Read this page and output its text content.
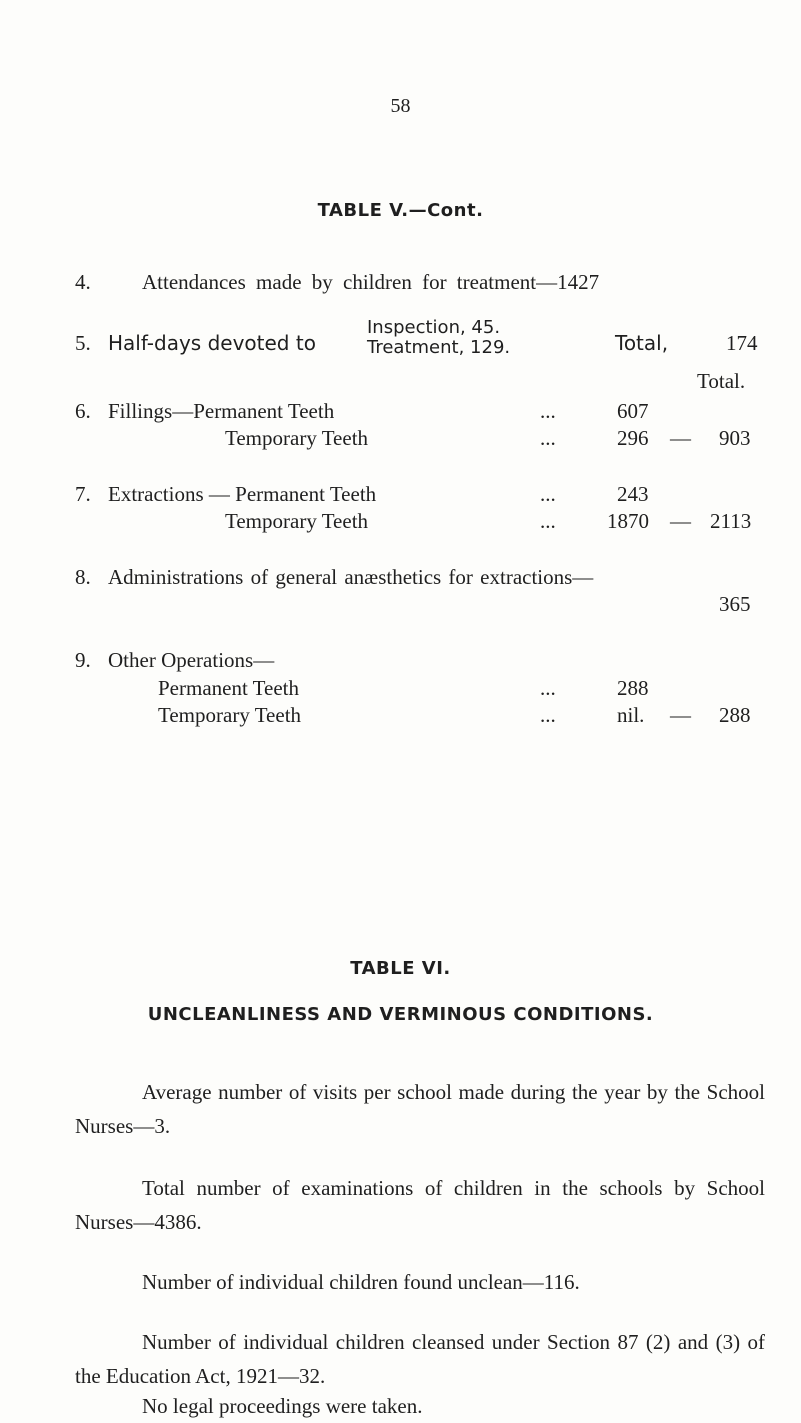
58
TABLE V.—Cont.
4. Attendances made by children for treatment—1427
5. Half-days devoted to
Inspection, 45.
Treatment, 129.	Total,	174
Total.
6. Fillings—Permanent Teeth	...	607
Temporary Teeth	...	296 — 903
7. Extractions — Permanent Teeth	...	243
Temporary Teeth	... 1870 — 2113
8. Administrations of general anæsthetics for extractions—
365
9. Other Operations—
Permanent Teeth	...	288
Temporary Teeth	...	nil. — 288
TABLE VI.
UNCLEANLINESS AND VERMINOUS CONDITIONS.
Average number of visits per school made during the year by the School Nurses—3.
Total number of examinations of children in the schools by School Nurses—4386.
Number of individual children found unclean—116.
Number of individual children cleansed under Section 87 (2) and (3) of the Education Act, 1921—32.
No legal proceedings were taken.
